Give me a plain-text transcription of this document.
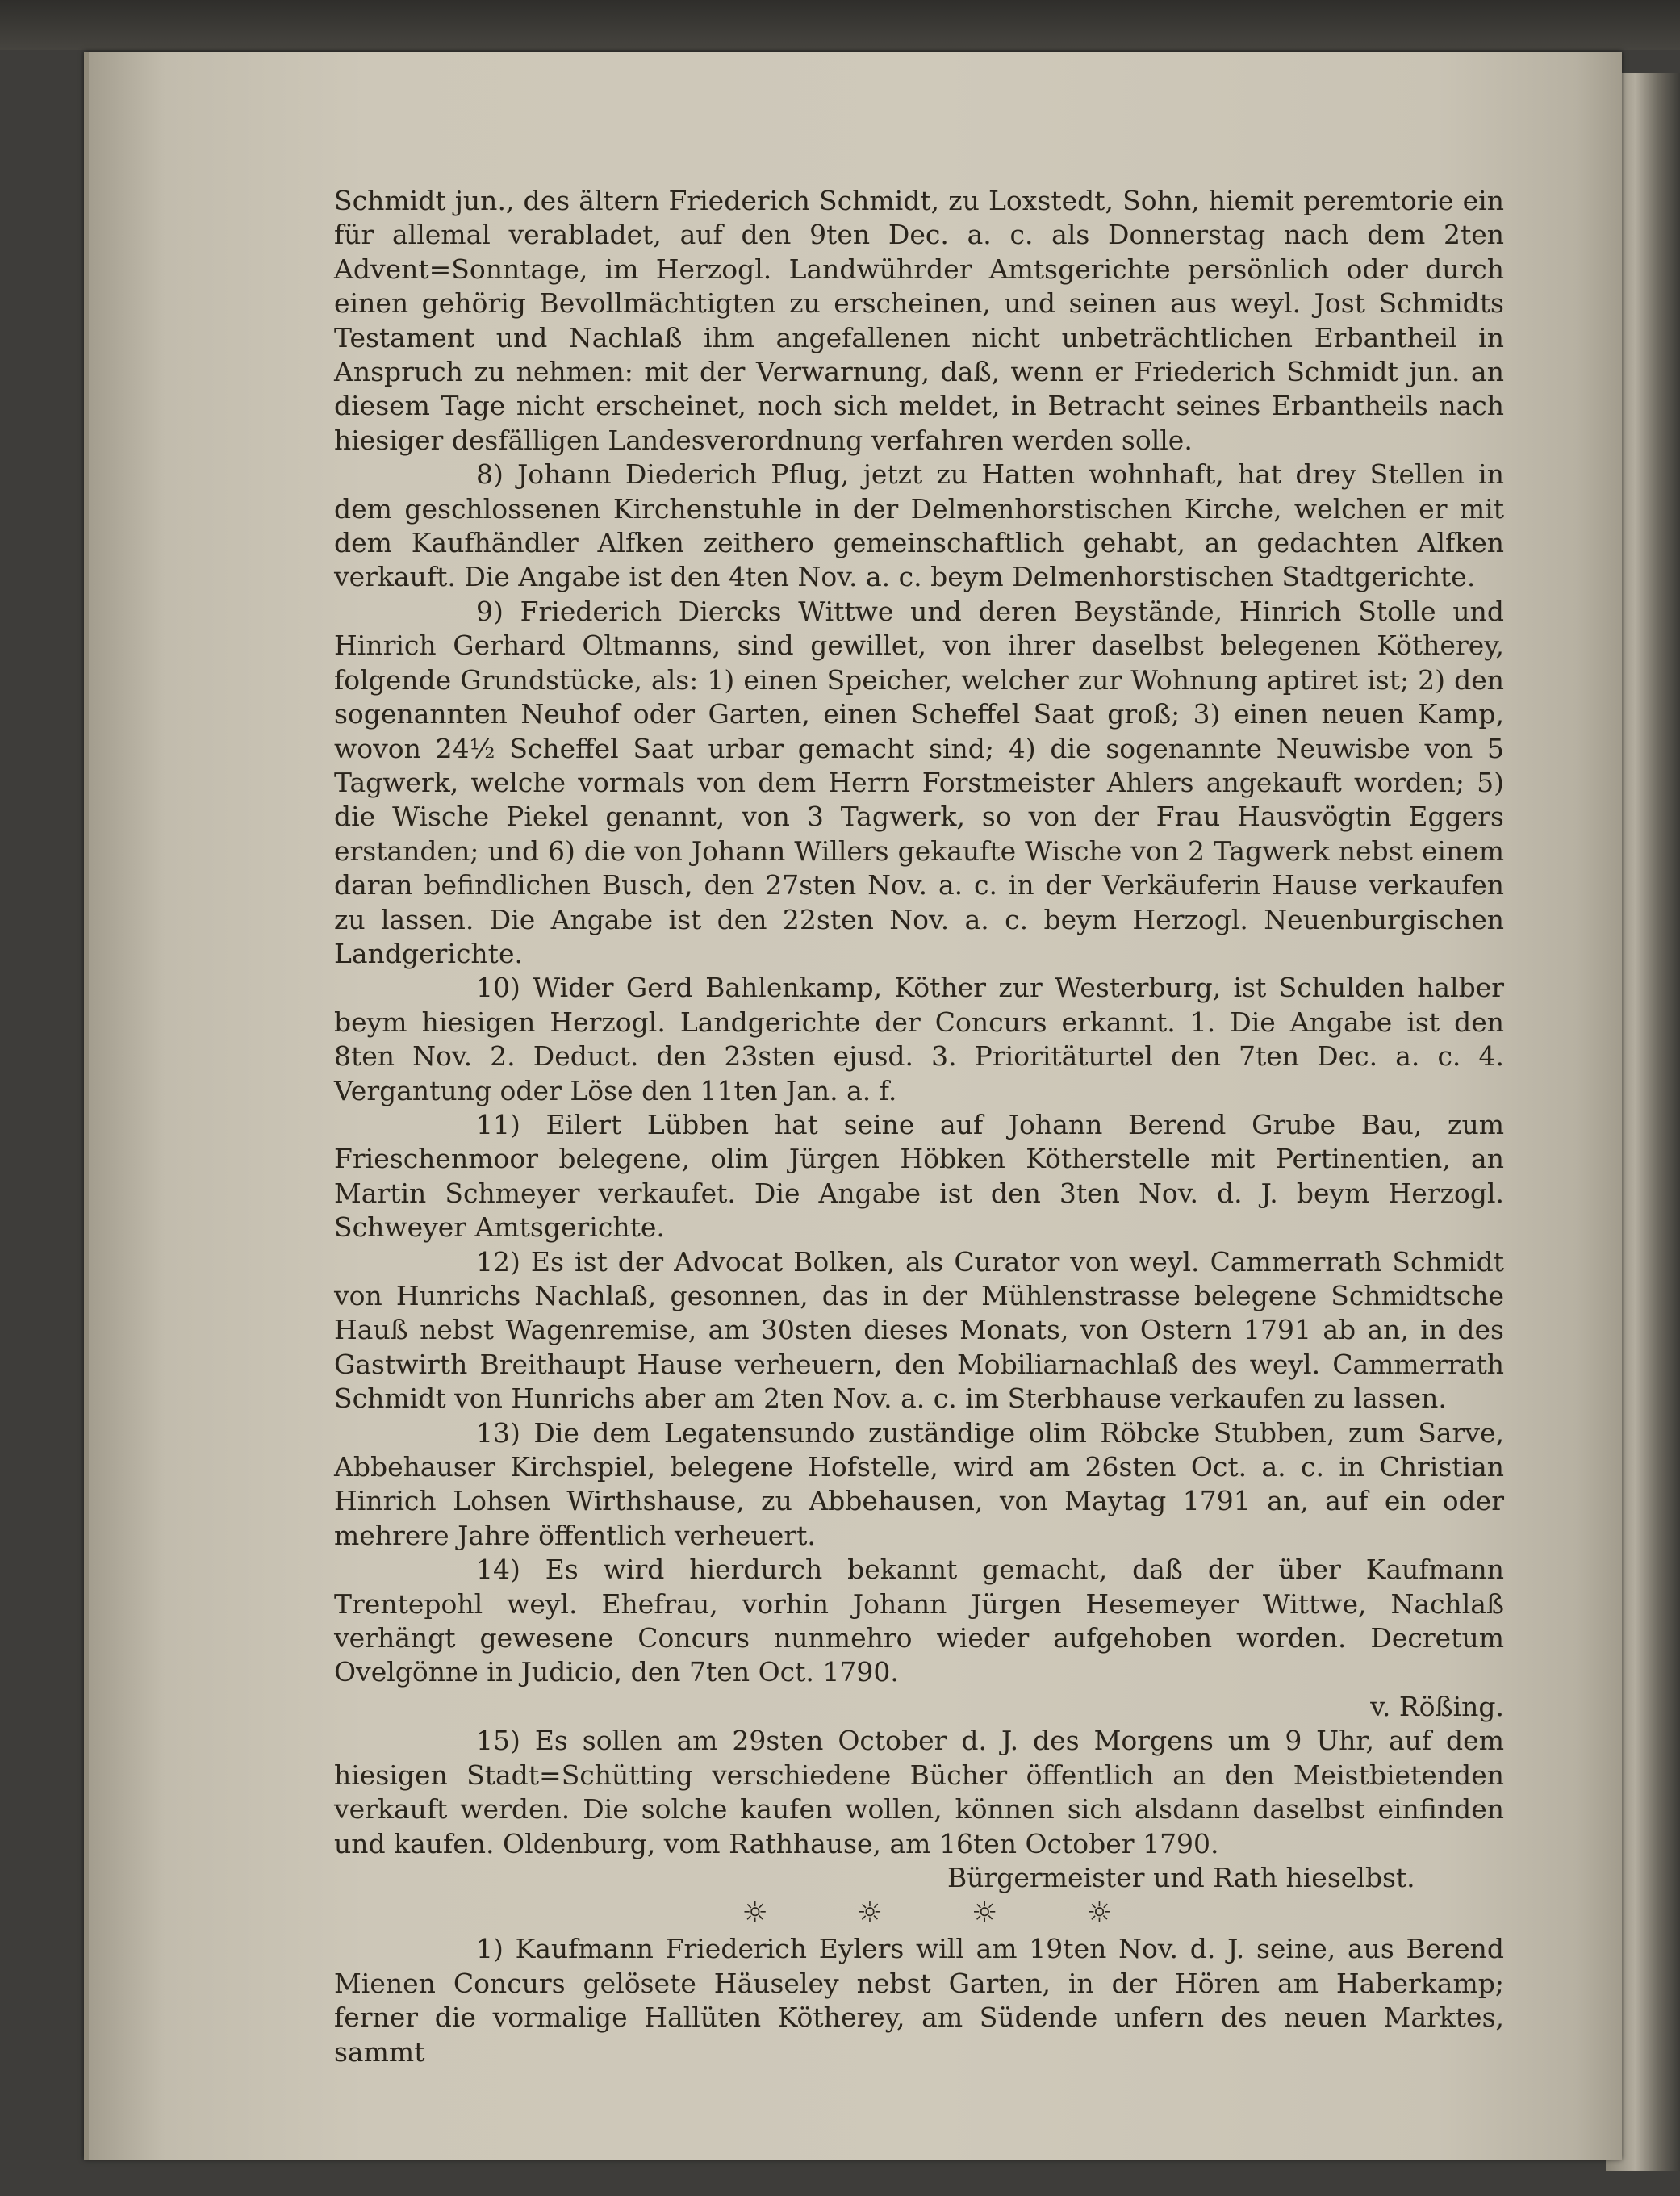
Schmidt jun., des ältern Friederich Schmidt, zu Loxstedt, Sohn, hiemit peremtorie ein für allemal verabladet, auf den 9ten Dec. a. c. als Donnerstag nach dem 2ten Advent=Sonntage, im Herzogl. Landwührder Amtsgerichte persönlich oder durch einen gehörig Bevollmächtigten zu erscheinen, und seinen aus weyl. Jost Schmidts Testament und Nachlaß ihm angefallenen nicht unbeträchtlichen Erbantheil in Anspruch zu nehmen: mit der Verwarnung, daß, wenn er Friederich Schmidt jun. an diesem Tage nicht erscheinet, noch sich meldet, in Betracht seines Erbantheils nach hiesiger desfälligen Landesverordnung verfahren werden solle.

8) Johann Diederich Pflug, jetzt zu Hatten wohnhaft, hat drey Stellen in dem geschlossenen Kirchenstuhle in der Delmenhorstischen Kirche, welchen er mit dem Kaufhändler Alfken zeithero gemeinschaftlich gehabt, an gedachten Alfken verkauft. Die Angabe ist den 4ten Nov. a. c. beym Delmenhorstischen Stadtgerichte.

9) Friederich Diercks Wittwe und deren Beyständе, Hinrich Stolle und Hinrich Gerhard Oltmanns, sind gewillet, von ihrer daselbst belegenen Kötherey, folgende Grundstücke, als: 1) einen Speicher, welcher zur Wohnung aptiret ist; 2) den sogenannten Neuhof oder Garten, einen Scheffel Saat groß; 3) einen neuen Kamp, wovon 24½ Scheffel Saat urbar gemacht sind; 4) die sogenannte Neuwisbe von 5 Tagwerk, welche vormals von dem Herrn Forstmeister Ahlers angekauft worden; 5) die Wische Piekel genannt, von 3 Tagwerk, so von der Frau Hausvögtin Eggers erstanden; und 6) die von Johann Willers gekaufte Wische von 2 Tagwerk nebst einem daran befindlichen Busch, den 27sten Nov. a. c. in der Verkäuferin Hause verkaufen zu lassen. Die Angabe ist den 22sten Nov. a. c. beym Herzogl. Neuenburgischen Landgerichte.

10) Wider Gerd Bahlenkamp, Köther zur Westerburg, ist Schulden halber beym hiesigen Herzogl. Landgerichte der Concurs erkannt. 1. Die Angabe ist den 8ten Nov. 2. Deduct. den 23sten ejusd. 3. Prioritäturtel den 7ten Dec. a. c. 4. Vergantung oder Löse den 11ten Jan. a. f.

11) Eilert Lübben hat seine auf Johann Berend Grube Bau, zum Frieschenmoor belegene, olim Jürgen Höbken Kötherstelle mit Pertinentien, an Martin Schmeyer verkaufet. Die Angabe ist den 3ten Nov. d. J. beym Herzogl. Schweyer Amtsgerichte.

12) Es ist der Advocat Bolken, als Curator von weyl. Cammerrath Schmidt von Hunrichs Nachlaß, gesonnen, das in der Mühlenstrasse belegene Schmidtsche Hauß nebst Wagenremise, am 30sten dieses Monats, von Ostern 1791 ab an, in des Gastwirth Breithaupt Hause verheuern, den Mobiliarnachlaß des weyl. Cammerrath Schmidt von Hunrichs aber am 2ten Nov. a. c. im Sterbhause verkaufen zu lassen.

13) Die dem Legatensundo zuständige olim Röbcke Stubben, zum Sarve, Abbehauser Kirchspiel, belegene Hofstelle, wird am 26sten Oct. a. c. in Christian Hinrich Lohsen Wirthshause, zu Abbehausen, von Maytag 1791 an, auf ein oder mehrere Jahre öffentlich verheuert.

14) Es wird hierdurch bekannt gemacht, daß der über Kaufmann Trentepohl weyl. Ehefrau, vorhin Johann Jürgen Hesemeyer Wittwe, Nachlaß verhängt gewesene Concurs nunmehro wieder aufgehoben worden. Decretum Ovelgönne in Judicio, den 7ten Oct. 1790.

v. Rößing.

15) Es sollen am 29sten October d. J. des Morgens um 9 Uhr, auf dem hiesigen Stadt=Schütting verschiedene Bücher öffentlich an den Meistbietenden verkauft werden. Die solche kaufen wollen, können sich alsdann daselbst einfinden und kaufen. Oldenburg, vom Rathhause, am 16ten October 1790.

Bürgermeister und Rath hieselbst.

☼	☼	☼	☼

1) Kaufmann Friederich Eylers will am 19ten Nov. d. J. seine, aus Berend Mienen Concurs gelösete Häuseley nebst Garten, in der Hören am Haberkamp; ferner die vormalige Hallüten Kötherey, am Südende unfern des neuen Marktes, sammt
